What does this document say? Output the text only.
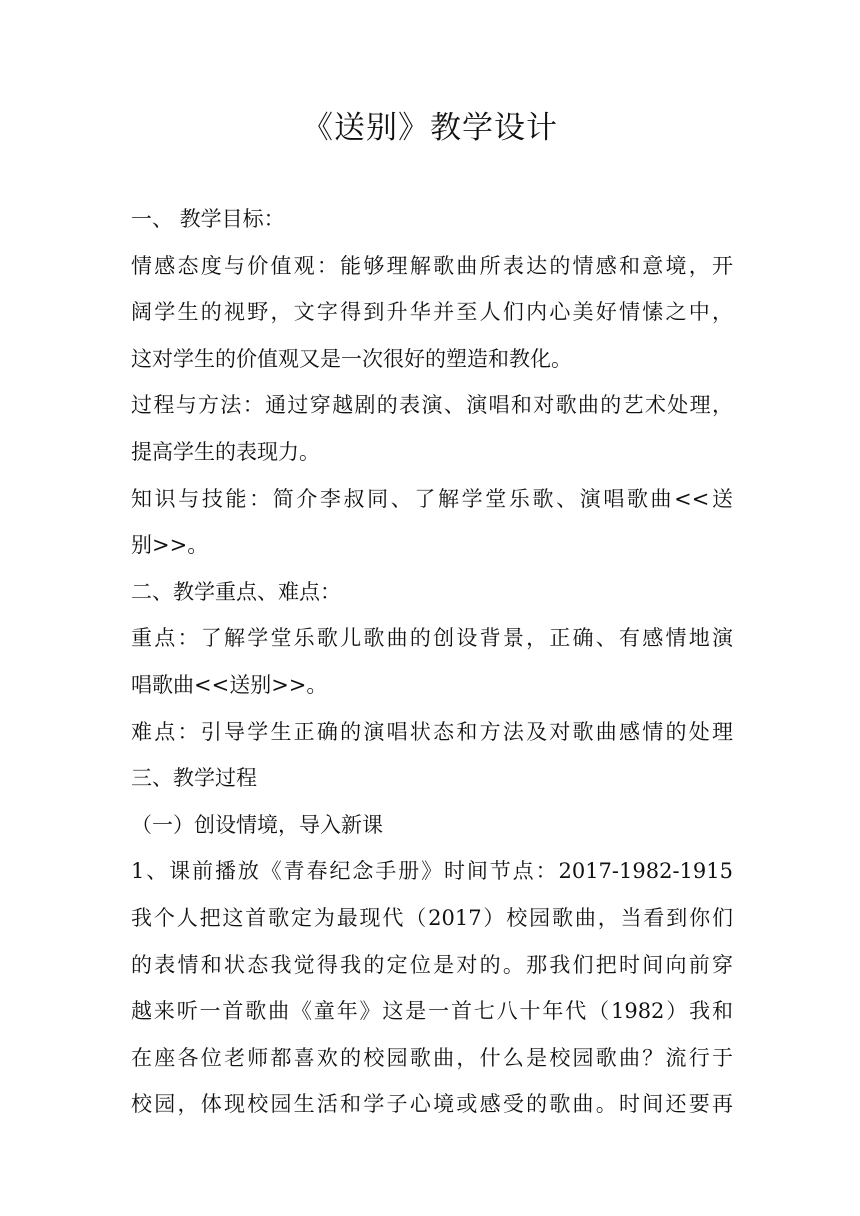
《送别》教学设计
一、 教学目标：
情感态度与价值观：能够理解歌曲所表达的情感和意境，开
阔学生的视野，文字得到升华并至人们内心美好情愫之中，
这对学生的价值观又是一次很好的塑造和教化。
过程与方法：通过穿越剧的表演、演唱和对歌曲的艺术处理，
提高学生的表现力。
知识与技能：简介李叔同、了解学堂乐歌、演唱歌曲<<送
别>>。
二、教学重点、难点：
重点：了解学堂乐歌儿歌曲的创设背景，正确、有感情地演
唱歌曲<<送别>>。
难点：引导学生正确的演唱状态和方法及对歌曲感情的处理
三、教学过程
（一）创设情境，导入新课
1、课前播放《青春纪念手册》时间节点：2017-1982-1915
我个人把这首歌定为最现代（2017）校园歌曲，当看到你们
的表情和状态我觉得我的定位是对的。那我们把时间向前穿
越来听一首歌曲《童年》这是一首七八十年代（1982）我和
在座各位老师都喜欢的校园歌曲，什么是校园歌曲？流行于
校园，体现校园生活和学子心境或感受的歌曲。时间还要再
